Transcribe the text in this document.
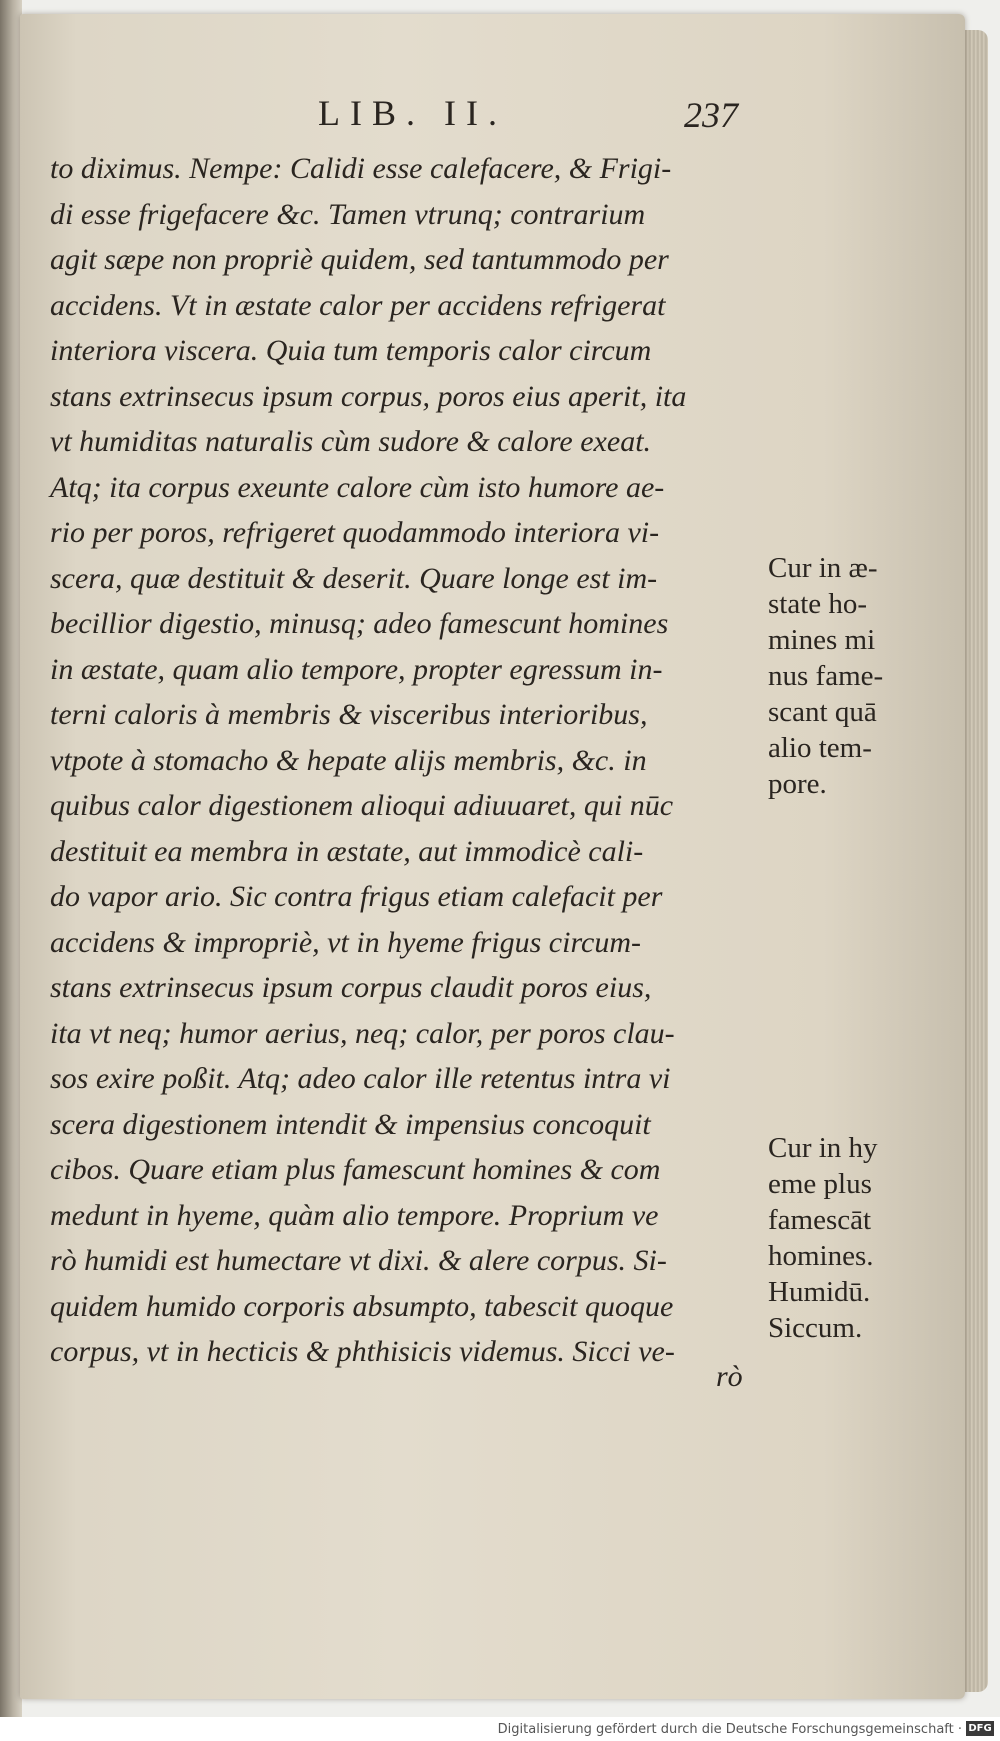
LIB. II.	237
to diximus. Nempe: Calidi esse calefacere, & Frigi-
di esse frigefacere &c. Tamen vtrunq; contrarium
agit sæpe non propriè quidem, sed tantummodo per
accidens. Vt in æstate calor per accidens refrigerat
interiora viscera. Quia tum temporis calor circum
stans extrinsecus ipsum corpus, poros eius aperit, ita
vt humiditas naturalis cùm sudore & calore exeat.
Atq; ita corpus exeunte calore cùm isto humore ae-
rio per poros, refrigeret quodammodo interiora vi-
scera, quæ destituit & deserit. Quare longe est im-
becillior digestio, minusq; adeo famescunt homines
in æstate, quam alio tempore, propter egressum in-
terni caloris à membris & visceribus interioribus,
vtpote à stomacho & hepate alijs membris, &c. in
quibus calor digestionem alioqui adiuuaret, qui nūc
destituit ea membra in æstate, aut immodicè cali-
do vapor ario. Sic contra frigus etiam calefacit per
accidens & impropriè, vt in hyeme frigus circum-
stans extrinsecus ipsum corpus claudit poros eius,
ita vt neq; humor aerius, neq; calor, per poros clau-
sos exire poßit. Atq; adeo calor ille retentus intra vi
scera digestionem intendit & impensius concoquit
cibos. Quare etiam plus famescunt homines & com
medunt in hyeme, quàm alio tempore. Proprium ve
rò humidi est humectare vt dixi. & alere corpus. Si-
quidem humido corporis absumpto, tabescit quoque
corpus, vt in hecticis & phthisicis videmus. Sicci ve-
rò
Cur in æ-
state ho-
mines mi
nus fame-
scant quā
alio tem-
pore.
Cur in hy
eme plus
famescāt
homines.
Humidū.
Siccum.
Digitalisierung gefördert durch die Deutsche Forschungsgemeinschaft · DFG
